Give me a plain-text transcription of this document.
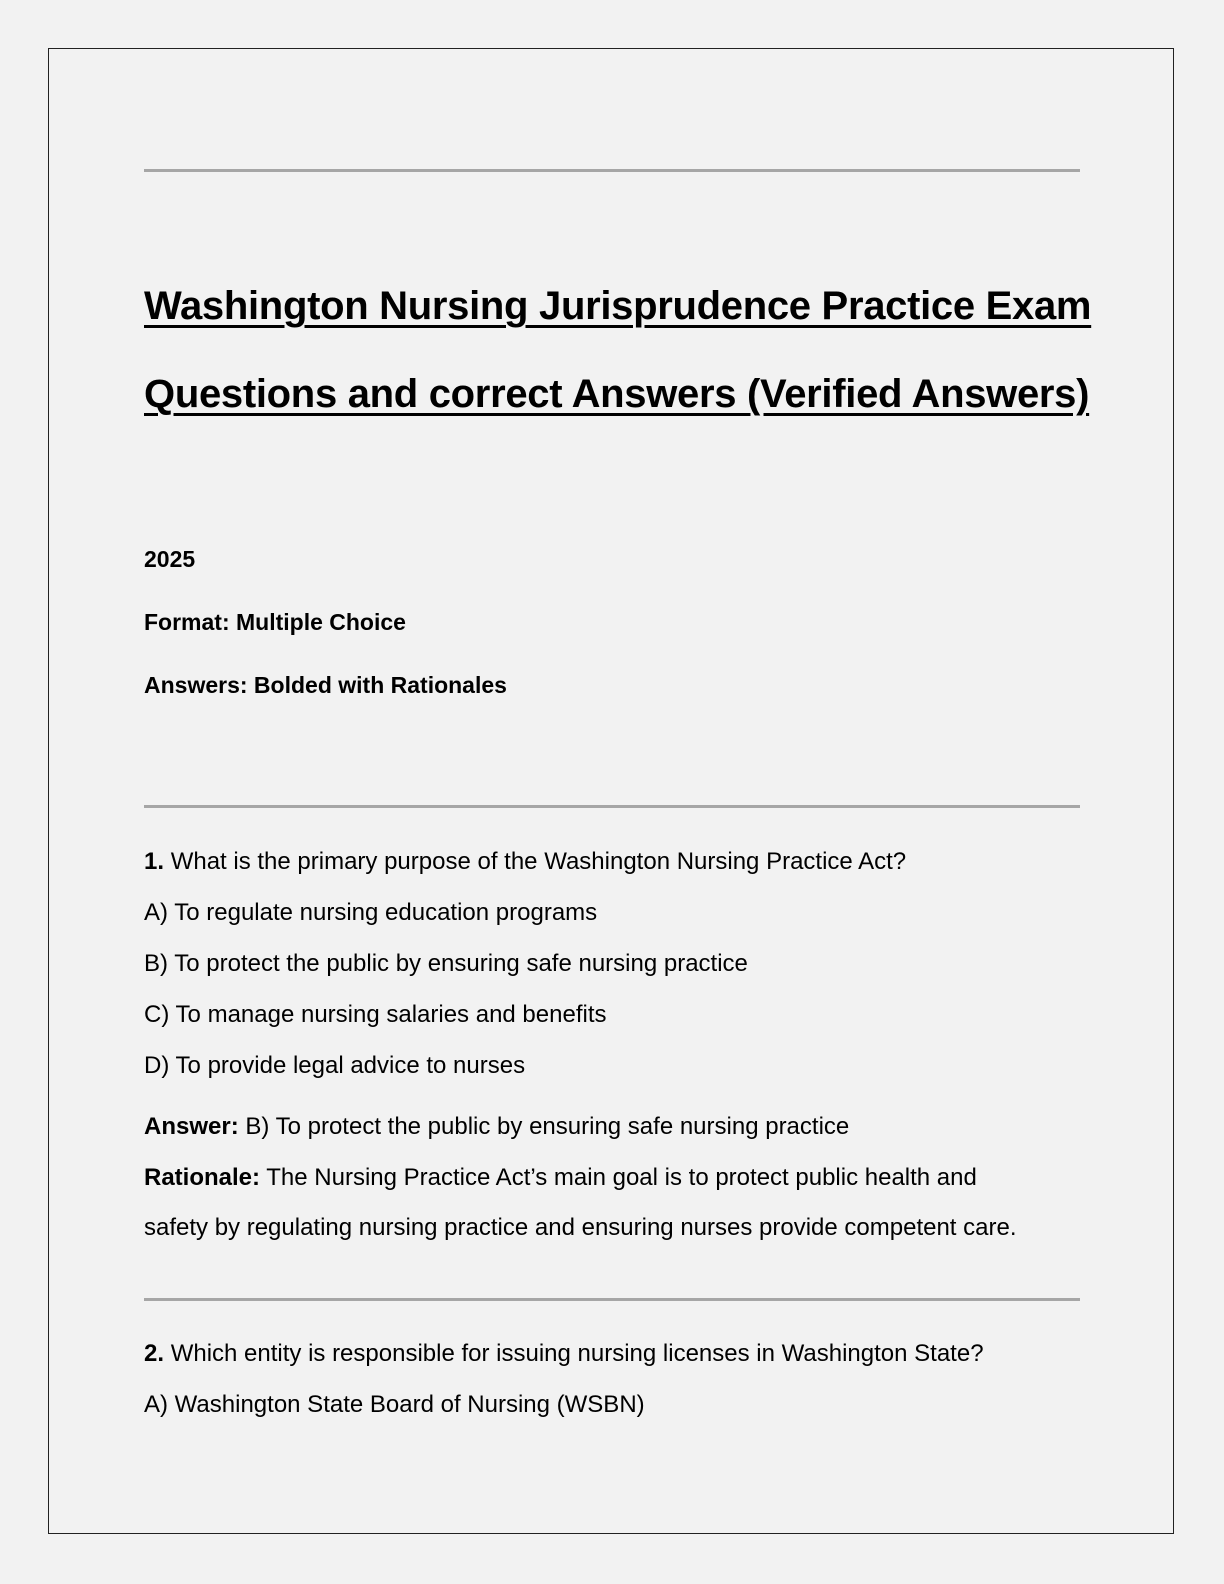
Washington Nursing Jurisprudence Practice Exam Questions and correct Answers (Verified Answers)
2025
Format: Multiple Choice
Answers: Bolded with Rationales
1. What is the primary purpose of the Washington Nursing Practice Act?
A) To regulate nursing education programs
B) To protect the public by ensuring safe nursing practice
C) To manage nursing salaries and benefits
D) To provide legal advice to nurses
Answer: B) To protect the public by ensuring safe nursing practice
Rationale: The Nursing Practice Act’s main goal is to protect public health and
safety by regulating nursing practice and ensuring nurses provide competent care.
2. Which entity is responsible for issuing nursing licenses in Washington State?
A) Washington State Board of Nursing (WSBN)
